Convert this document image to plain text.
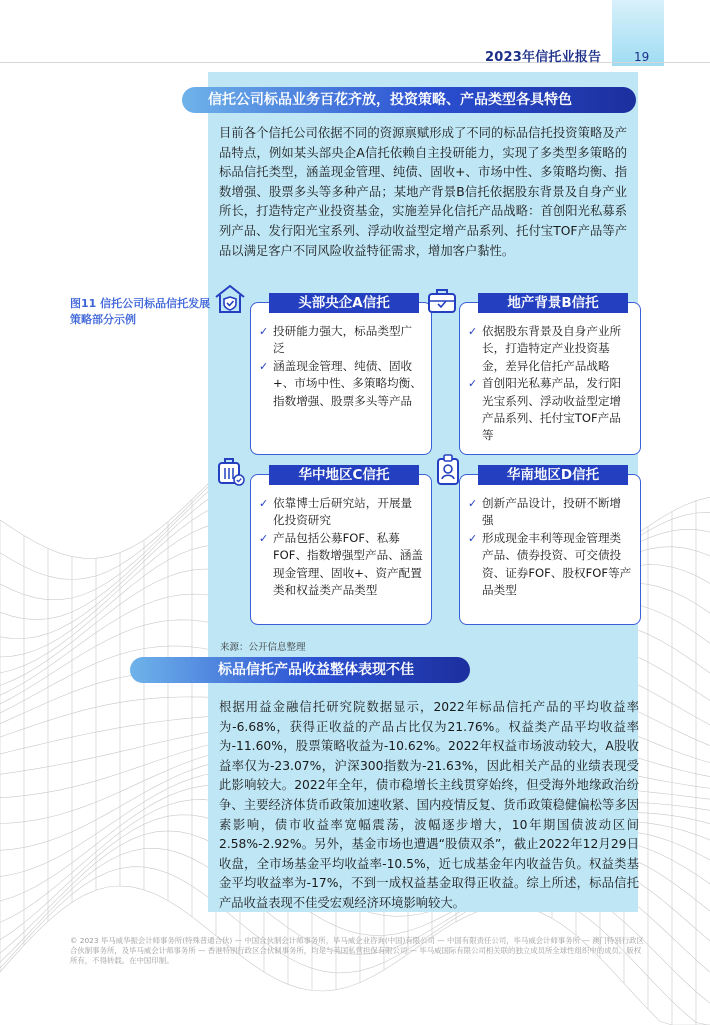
2023年信托业报告	19
信托公司标品业务百花齐放，投资策略、产品类型各具特色
目前各个信托公司依据不同的资源禀赋形成了不同的标品信托投资策略及产品特点，例如某头部央企A信托依赖自主投研能力，实现了多类型多策略的标品信托类型，涵盖现金管理、纯债、固收+、市场中性、多策略均衡、指数增强、股票多头等多种产品；某地产背景B信托依据股东背景及自身产业所长，打造特定产业投资基金，实施差异化信托产品战略：首创阳光私募系列产品、发行阳光宝系列、浮动收益型定增产品系列、托付宝TOF产品等产品以满足客户不同风险收益特征需求，增加客户黏性。
图11 信托公司标品信托发展策略部分示例
头部央企A信托
✓ 投研能力强大，标品类型广泛
✓ 涵盖现金管理、纯债、固收+、市场中性、多策略均衡、指数增强、股票多头等产品
地产背景B信托
✓ 依据股东背景及自身产业所长，打造特定产业投资基金，差异化信托产品战略
✓ 首创阳光私募产品，发行阳光宝系列、浮动收益型定增产品系列、托付宝TOF产品等
华中地区C信托
✓ 依靠博士后研究站，开展量化投资研究
✓ 产品包括公募FOF、私募FOF、指数增强型产品、涵盖现金管理、固收+、资产配置类和权益类产品类型
华南地区D信托
✓ 创新产品设计，投研不断增强
✓ 形成现金丰利等现金管理类产品、债券投资、可交债投资、证券FOF、股权FOF等产品类型
来源：公开信息整理
标品信托产品收益整体表现不佳
根据用益金融信托研究院数据显示，2022年标品信托产品的平均收益率为-6.68%，获得正收益的产品占比仅为21.76%。权益类产品平均收益率为-11.60%，股票策略收益为-10.62%。2022年权益市场波动较大，A股收益率仅为-23.07%，沪深300指数为-21.63%，因此相关产品的业绩表现受此影响较大。2022年全年，债市稳增长主线贯穿始终，但受海外地缘政治纷争、主要经济体货币政策加速收紧、国内疫情反复、货币政策稳健偏松等多因素影响，债市收益率宽幅震荡，波幅逐步增大，10年期国债波动区间2.58%-2.92%。另外，基金市场也遭遇“股债双杀”，截止2022年12月29日收盘，全市场基金平均收益率-10.5%，近七成基金年内收益告负。权益类基金平均收益率为-17%，不到一成权益基金取得正收益。综上所述，标品信托产品收益表现不佳受宏观经济环境影响较大。
© 2023 毕马威华振会计师事务所(特殊普通合伙) — 中国合伙制会计师事务所，毕马威企业咨询(中国)有限公司 — 中国有限责任公司，毕马威会计师事务所 — 澳门特别行政区合伙制事务所，及毕马威会计师事务所 — 香港特别行政区合伙制事务所，均是与英国私营担保有限公司 — 毕马威国际有限公司相关联的独立成员所全球性组织中的成员。版权所有，不得转载。在中国印制。
